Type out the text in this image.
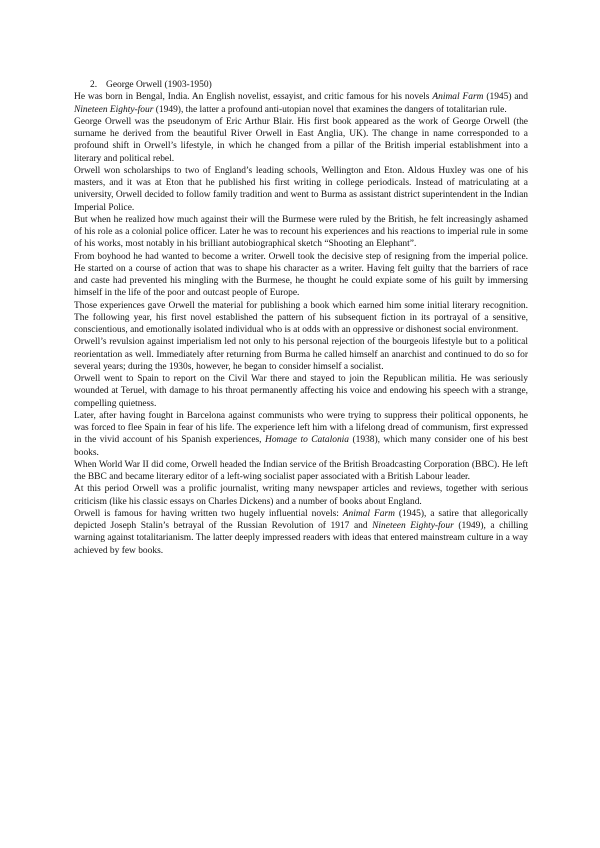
2. George Orwell (1903-1950)

He was born in Bengal, India. An English novelist, essayist, and critic famous for his novels Animal Farm (1945) and Nineteen Eighty-four (1949), the latter a profound anti-utopian novel that examines the dangers of totalitarian rule.

George Orwell was the pseudonym of Eric Arthur Blair. His first book appeared as the work of George Orwell (the surname he derived from the beautiful River Orwell in East Anglia, UK). The change in name corresponded to a profound shift in Orwell’s lifestyle, in which he changed from a pillar of the British imperial establishment into a literary and political rebel.

Orwell won scholarships to two of England’s leading schools, Wellington and Eton. Aldous Huxley was one of his masters, and it was at Eton that he published his first writing in college periodicals. Instead of matriculating at a university, Orwell decided to follow family tradition and went to Burma as assistant district superintendent in the Indian Imperial Police.

But when he realized how much against their will the Burmese were ruled by the British, he felt increasingly ashamed of his role as a colonial police officer. Later he was to recount his experiences and his reactions to imperial rule in some of his works, most notably in his brilliant autobiographical sketch “Shooting an Elephant”.

From boyhood he had wanted to become a writer. Orwell took the decisive step of resigning from the imperial police. He started on a course of action that was to shape his character as a writer. Having felt guilty that the barriers of race and caste had prevented his mingling with the Burmese, he thought he could expiate some of his guilt by immersing himself in the life of the poor and outcast people of Europe.

Those experiences gave Orwell the material for publishing a book which earned him some initial literary recognition. The following year, his first novel established the pattern of his subsequent fiction in its portrayal of a sensitive, conscientious, and emotionally isolated individual who is at odds with an oppressive or dishonest social environment.

Orwell’s revulsion against imperialism led not only to his personal rejection of the bourgeois lifestyle but to a political reorientation as well. Immediately after returning from Burma he called himself an anarchist and continued to do so for several years; during the 1930s, however, he began to consider himself a socialist.

Orwell went to Spain to report on the Civil War there and stayed to join the Republican militia. He was seriously wounded at Teruel, with damage to his throat permanently affecting his voice and endowing his speech with a strange, compelling quietness.

Later, after having fought in Barcelona against communists who were trying to suppress their political opponents, he was forced to flee Spain in fear of his life. The experience left him with a lifelong dread of communism, first expressed in the vivid account of his Spanish experiences, Homage to Catalonia (1938), which many consider one of his best books.

When World War II did come, Orwell headed the Indian service of the British Broadcasting Corporation (BBC). He left the BBC and became literary editor of a left-wing socialist paper associated with a British Labour leader.

At this period Orwell was a prolific journalist, writing many newspaper articles and reviews, together with serious criticism (like his classic essays on Charles Dickens) and a number of books about England.

Orwell is famous for having written two hugely influential novels: Animal Farm (1945), a satire that allegorically depicted Joseph Stalin’s betrayal of the Russian Revolution of 1917 and Nineteen Eighty-four (1949), a chilling warning against totalitarianism. The latter deeply impressed readers with ideas that entered mainstream culture in a way achieved by few books.
